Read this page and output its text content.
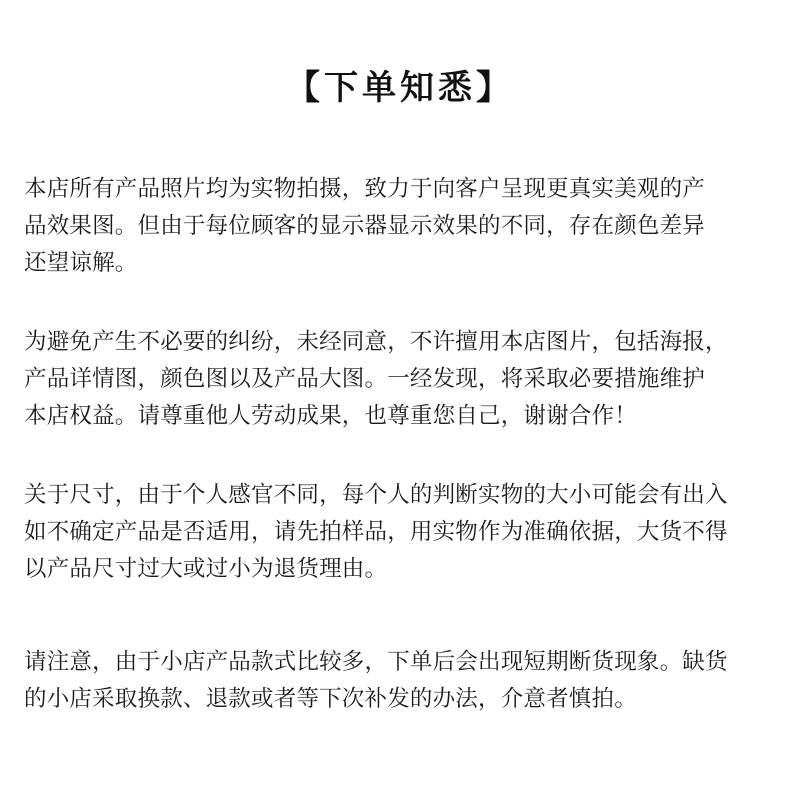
【下单知悉】
本店所有产品照片均为实物拍摄，致力于向客户呈现更真实美观的产
品效果图。但由于每位顾客的显示器显示效果的不同，存在颜色差异
还望谅解。
为避免产生不必要的纠纷，未经同意，不许擅用本店图片，包括海报，
产品详情图，颜色图以及产品大图。一经发现，将采取必要措施维护
本店权益。请尊重他人劳动成果，也尊重您自己，谢谢合作！
关于尺寸，由于个人感官不同，每个人的判断实物的大小可能会有出入
如不确定产品是否适用，请先拍样品，用实物作为准确依据，大货不得
以产品尺寸过大或过小为退货理由。
请注意，由于小店产品款式比较多，下单后会出现短期断货现象。缺货
的小店采取换款、退款或者等下次补发的办法，介意者慎拍。
